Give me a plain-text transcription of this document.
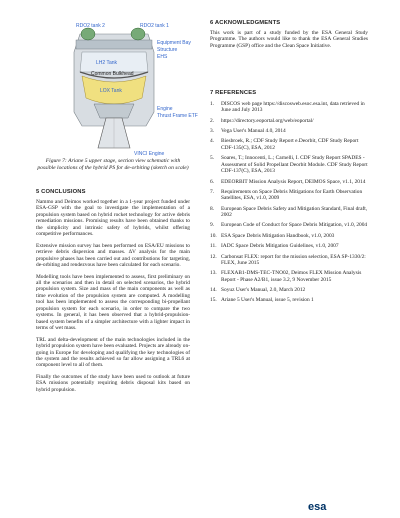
RDO2 tank 2	RDO2 tank 1
Equipment Bay
Structure
EHS
LH2 Tank
Common Bulkhead
LOX Tank
Engine
Thrust Frame ETF
VINCI Engine
Figure 7: Ariane 5 upper stage, section view schematic with possible locations of the hybrid PS for de-orbiting (sketch on scale)

5 CONCLUSIONS

Nammo and Deimos worked together in a 1-year project funded under ESA-GSP with the goal to investigate the implementation of a propulsion system based on hybrid rocket technology for active debris remediation missions. Promising results have been obtained thanks to the simplicity and intrinsic safety of hybrids, whilst offering competitive performances.

Extensive mission survey has been performed on ESA/EU missions to retrieve debris dispersion and masses. ΔV analysis for the main propulsive phases has been carried out and contributions for targeting, de-orbiting and rendezvous have been calculated for each scenario.

Modelling tools have been implemented to assess, first preliminary on all the scenarios and then in detail on selected scenarios, the hybrid propulsion system. Size and mass of the main components as well as time evolution of the propulsion system are computed. A modelling tool has been implemented to assess the corresponding bi-propellant propulsion system for each scenario, in order to compare the two systems. In general, it has been observed that a hybrid-propulsion-based system benefits of a simpler architecture with a lighter impact in terms of wet mass.

TRL and delta-development of the main technologies included in the hybrid propulsion system have been evaluated. Projects are already on-going in Europe for developing and qualifying the key technologies of the system and the results achieved so far allow assigning a TRL6 at component level to all of them.

Finally the outcomes of the study have been used to outlook at future ESA missions potentially requiring debris disposal kits based on hybrid propulsion.

6 ACKNOWLEDGMENTS

This work is part of a study funded by the ESA General Study Programme. The authors would like to thank the ESA General Studies Programme (GSP) office and the Clean Space Initiative.

7 REFERENCES

1.	DISCOS web page https://discosweb.esoc.esa.int, data retrieved in June and July 2013
2.	https://directory.eoportal.org/web/eoportal/
3.	Vega User's Manual 4.0, 2014
4.	Biesbroek, R.; CDF Study Report e.Deorbit, CDF Study Report CDF-135(C), ESA, 2012
5.	Soares, T.; Innocenti, L.; Carnelli, I. CDF Study Report SPADES - Assessment of Solid Propellant Deorbit Module. CDF Study Report CDF-137(C), ESA, 2013
6.	EDEORBIT Mission Analysis Report, DEIMOS Space, v1.1, 2014
7.	Requirements on Space Debris Mitigations for Earth Observation Satellites, ESA, v1.0, 2009
8.	European Space Debris Safety and Mitigation Standard, Final draft, 2002
9.	European Code of Conduct for Space Debris Mitigation, v1.0, 2004
10. ESA Space Debris Mitigation Handbook, v1.0, 2003
11. IADC Space Debris Mitigation Guidelines, v1.0, 2007
12. Carbonsat FLEX: report for the mission selection, ESA SP-1330/2: FLEX, June 2015
13. FLEXAB1-DMS-TEC-TNO02, Deimos FLEX Mission Analysis Report - Phase A2/B1, issue 3.2, 9 November 2015
14. Soyuz User's Manual, 2.0, March 2012
15. Ariane 5 User's Manual, issue 5, revision 1
esa
